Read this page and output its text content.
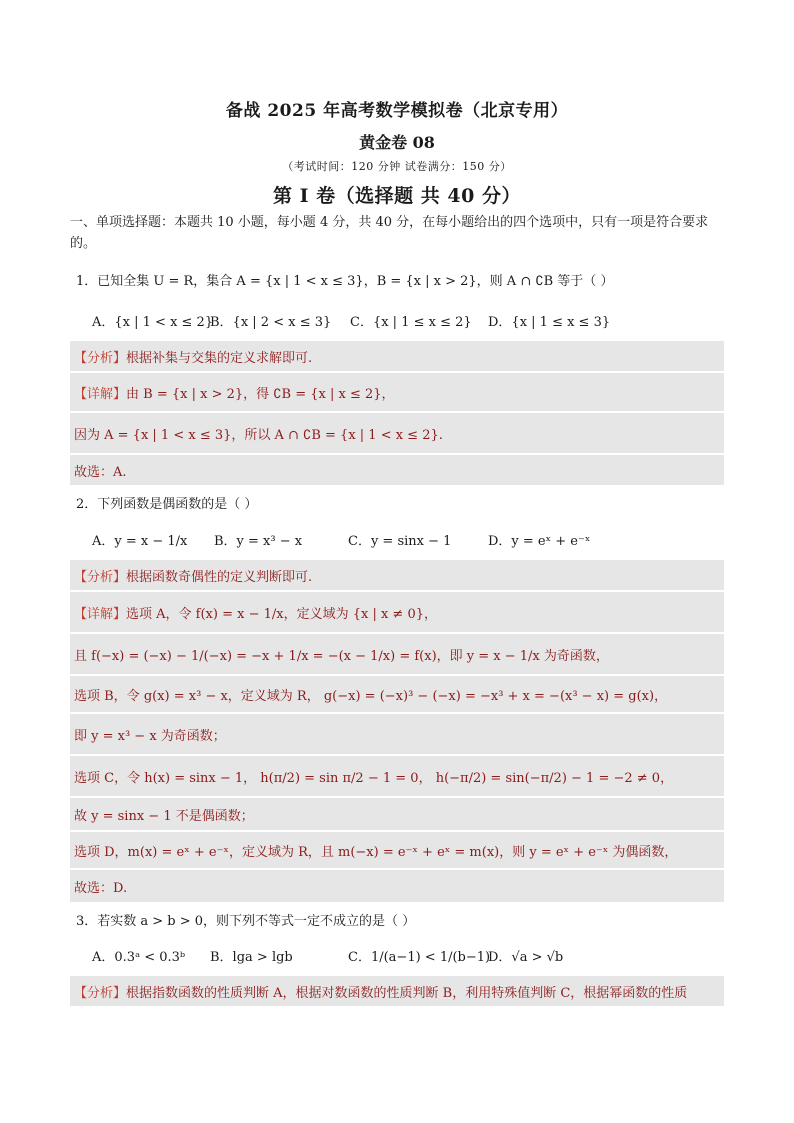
备战 2025 年高考数学模拟卷（北京专用）
黄金卷 08
（考试时间：120 分钟 试卷满分：150 分）
第 I 卷（选择题 共 40 分）
一、单项选择题：本题共 10 小题，每小题 4 分，共 40 分，在每小题给出的四个选项中，只有一项是符合要求的。
1．已知全集 U = R，集合 A = {x | 1 < x ≤ 3}，B = {x | x > 2}，则 A ∩ ∁B 等于（ ）
A．{x | 1 < x ≤ 2}
B．{x | 2 < x ≤ 3}	C．{x | 1 ≤ x ≤ 2}	D．{x | 1 ≤ x ≤ 3}
【分析】 根据补集与交集的定义求解即可.
【详解】 由 B = {x | x > 2}，得 ∁B = {x | x ≤ 2}，
因为 A = {x | 1 < x ≤ 3}，所以 A ∩ ∁B = {x | 1 < x ≤ 2}.
故选：A.
2．下列函数是偶函数的是（ ）
A．y = x − 1/x	B．y = x³ − x	C．y = sinx − 1	D．y = eˣ + e⁻ˣ
【分析】 根据函数奇偶性的定义判断即可.
【详解】 选项 A，令 f(x) = x − 1/x，定义域为 {x | x ≠ 0}，
且 f(−x) = (−x) − 1/(−x) = −x + 1/x = −(x − 1/x) = f(x)，即 y = x − 1/x 为奇函数，
选项 B，令 g(x) = x³ − x，定义域为 R， g(−x) = (−x)³ − (−x) = −x³ + x = −(x³ − x) = g(x)，
即 y = x³ − x 为奇函数；
选项 C，令 h(x) = sinx − 1， h(π/2) = sin π/2 − 1 = 0， h(−π/2) = sin(−π/2) − 1 = −2 ≠ 0，
故 y = sinx − 1 不是偶函数；
选项 D，m(x) = eˣ + e⁻ˣ，定义域为 R，且 m(−x) = e⁻ˣ + eˣ = m(x)，则 y = eˣ + e⁻ˣ 为偶函数，
故选：D.
3．若实数 a > b > 0，则下列不等式一定不成立的是（ ）
A．0.3ᵃ < 0.3ᵇ	B．lga > lgb	C．1/(a−1) < 1/(b−1)
D．√a > √b
【分析】 根据指数函数的性质判断 A，根据对数函数的性质判断 B，利用特殊值判断 C，根据幂函数的性质
